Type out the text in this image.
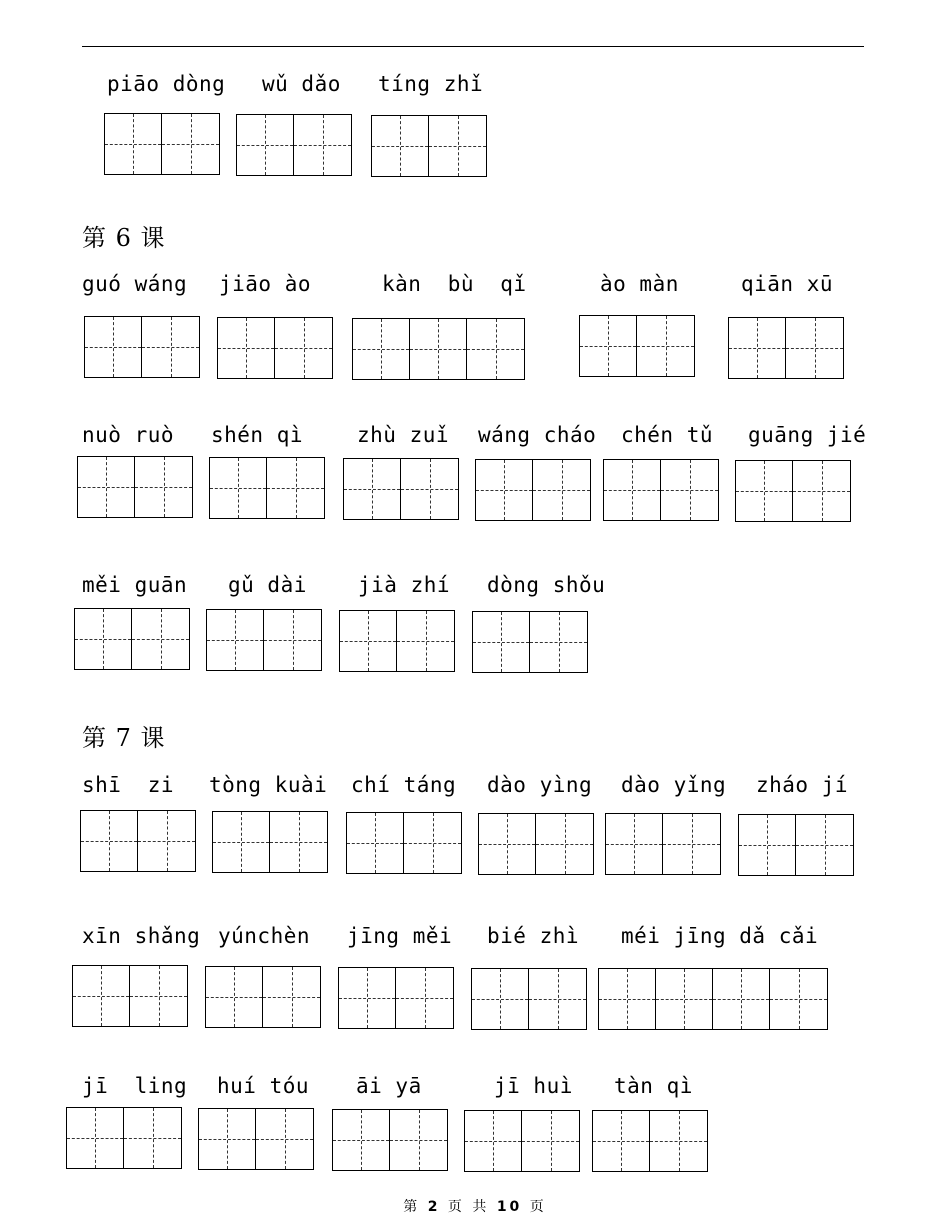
piāo dòng wǔ dǎo tíng zhǐ
第 6 课
guó wáng jiāo ào	kàn  bù  qǐ	ào màn	qiān xū
nuò ruò shén qì	zhù zuǐ wáng cháo chén tǔ guāng jié
měi guān gǔ dài jià zhí dòng shǒu
第 7 课
shī  zi tòng kuài chí táng dào yìng dào yǐng zháo jí
xīn shǎng yúnchèn jīng měi bié zhì méi jīng dǎ cǎi
jī  ling huí tóu āi yā	jī huì tàn qì
第 2 页 共 10 页
